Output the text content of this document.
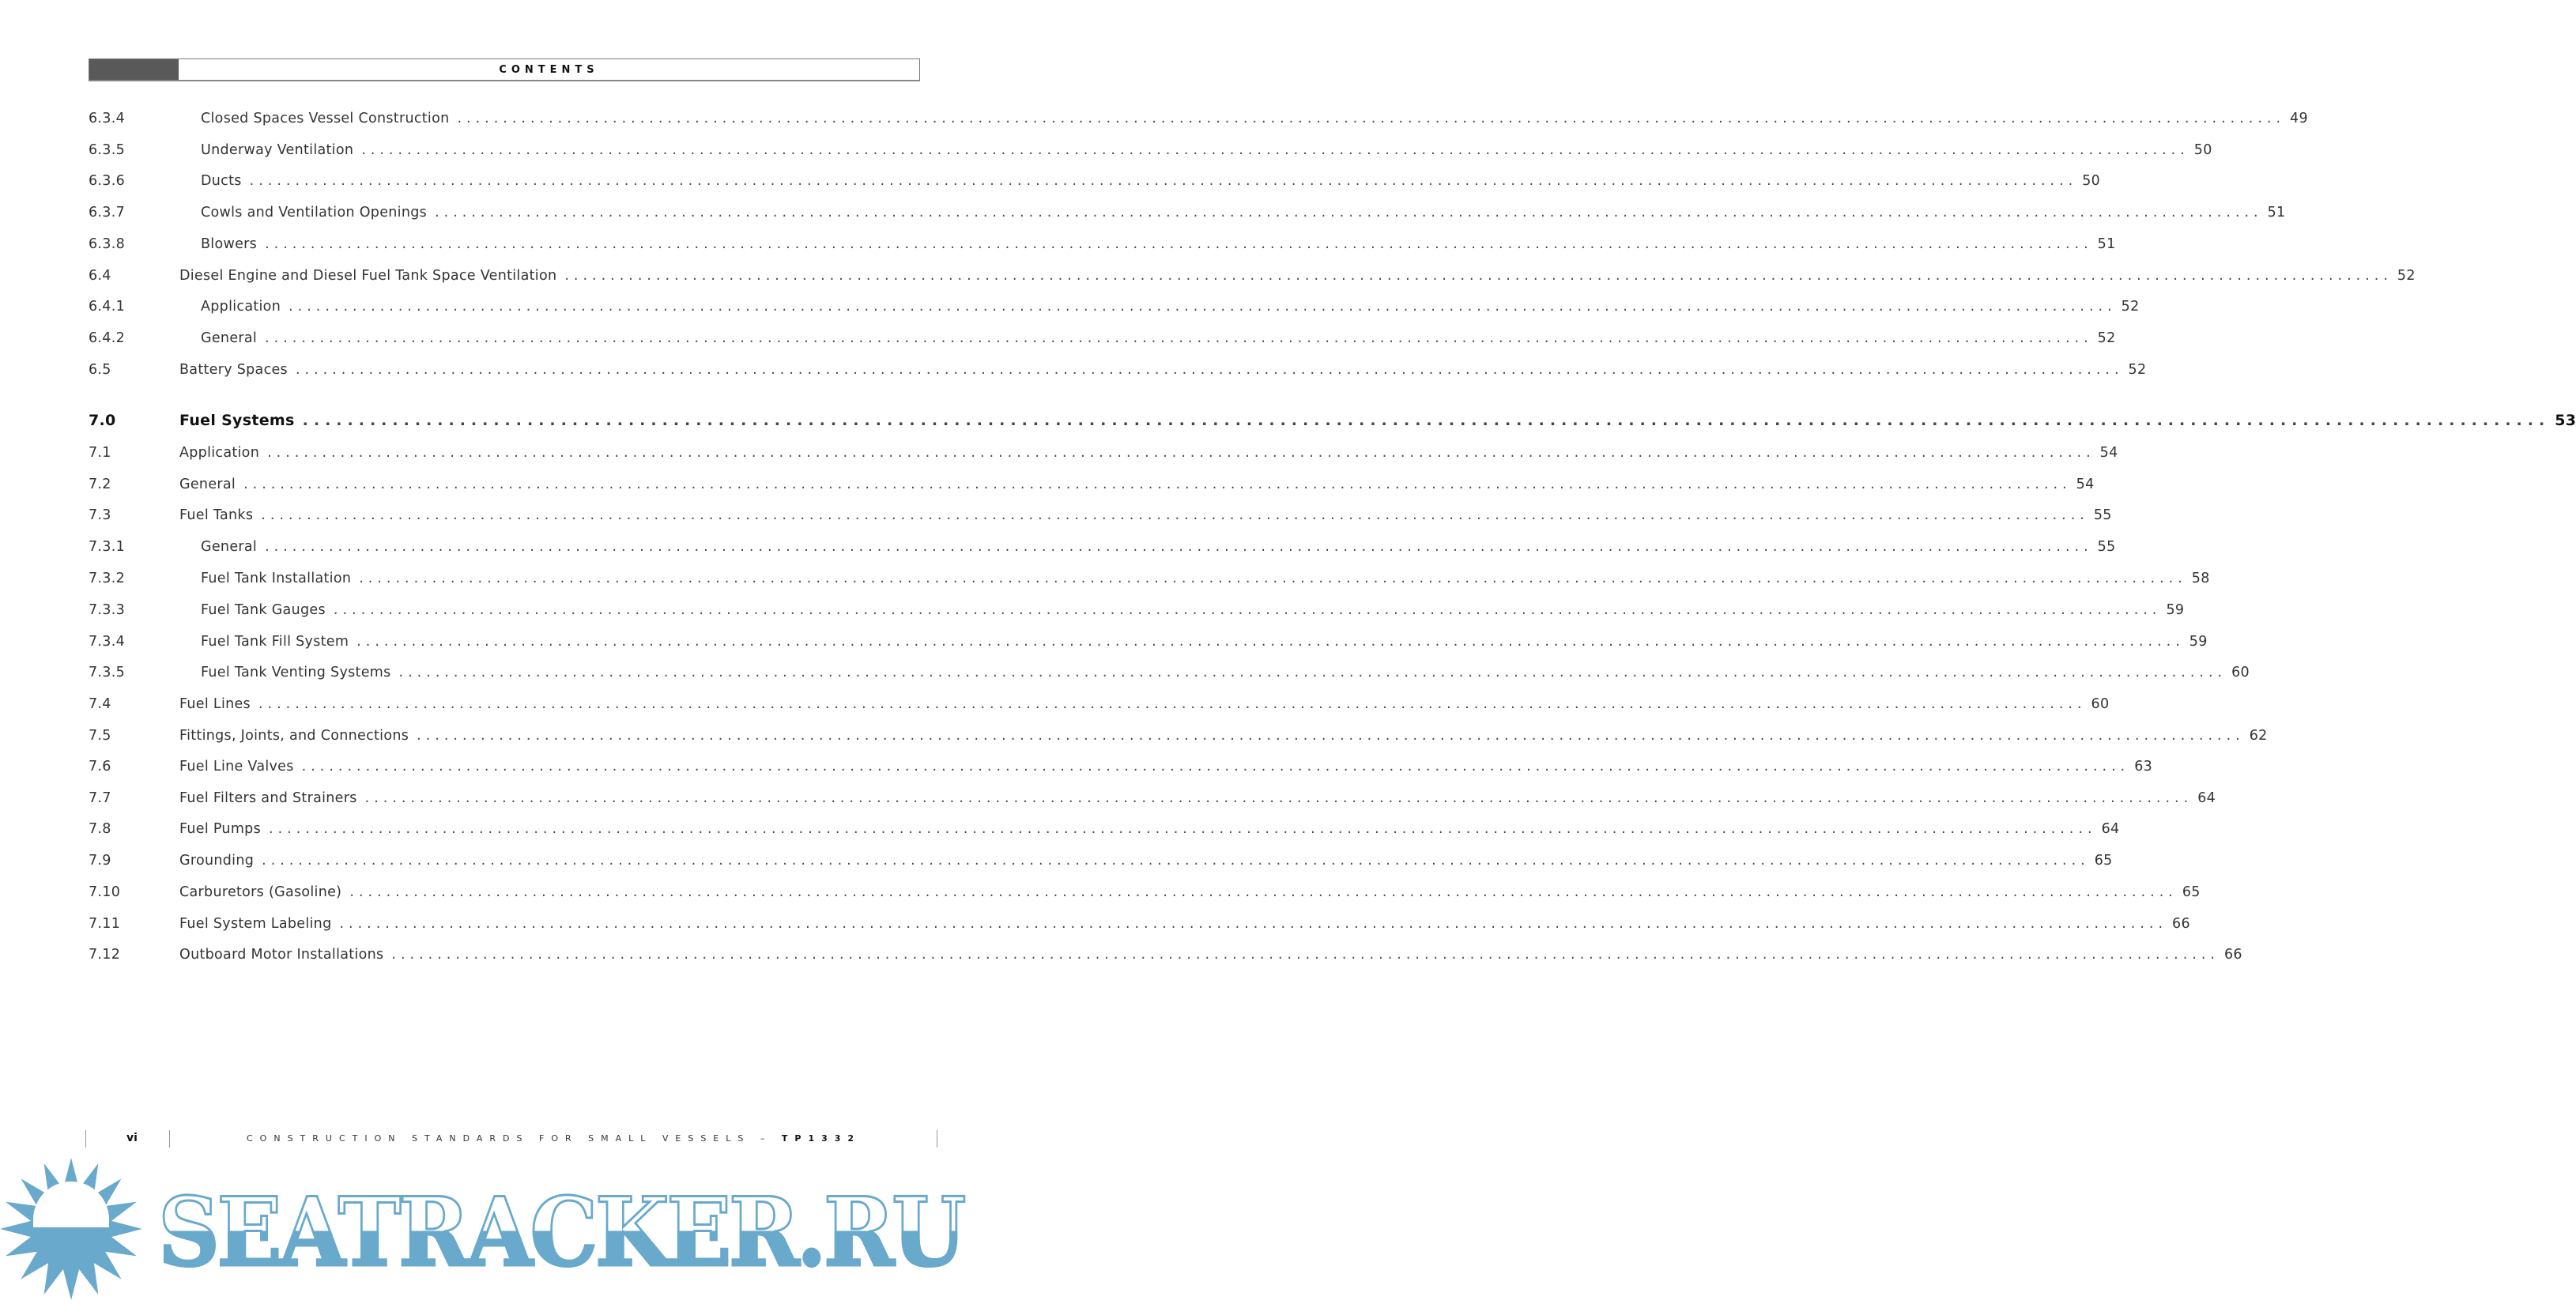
CONTENTS
6.3.4	Closed Spaces Vessel Construction ........................................................................................................................................................................................................ 49
6.3.5	Underway Ventilation ........................................................................................................................................................................................................ 50
6.3.6	Ducts ........................................................................................................................................................................................................ 50
6.3.7	Cowls and Ventilation Openings ........................................................................................................................................................................................................ 51
6.3.8	Blowers ........................................................................................................................................................................................................ 51
6.4	Diesel Engine and Diesel Fuel Tank Space Ventilation ........................................................................................................................................................................................................ 52
6.4.1	Application ........................................................................................................................................................................................................ 52
6.4.2	General ........................................................................................................................................................................................................ 52
6.5	Battery Spaces ........................................................................................................................................................................................................ 52
7.0	Fuel Systems ........................................................................................................................................................................................................ 53
7.1	Application ........................................................................................................................................................................................................ 54
7.2	General ........................................................................................................................................................................................................ 54
7.3	Fuel Tanks ........................................................................................................................................................................................................ 55
7.3.1	General ........................................................................................................................................................................................................ 55
7.3.2	Fuel Tank Installation ........................................................................................................................................................................................................ 58
7.3.3	Fuel Tank Gauges ........................................................................................................................................................................................................ 59
7.3.4	Fuel Tank Fill System ........................................................................................................................................................................................................ 59
7.3.5	Fuel Tank Venting Systems ........................................................................................................................................................................................................ 60
7.4	Fuel Lines ........................................................................................................................................................................................................ 60
7.5	Fittings, Joints, and Connections ........................................................................................................................................................................................................ 62
7.6	Fuel Line Valves ........................................................................................................................................................................................................ 63
7.7	Fuel Filters and Strainers ........................................................................................................................................................................................................ 64
7.8	Fuel Pumps ........................................................................................................................................................................................................ 64
7.9	Grounding ........................................................................................................................................................................................................ 65
7.10	Carburetors (Gasoline) ........................................................................................................................................................................................................ 65
7.11	Fuel System Labeling ........................................................................................................................................................................................................ 66
7.12	Outboard Motor Installations ........................................................................................................................................................................................................ 66
vi	CONSTRUCTION STANDARDS FOR SMALL VESSELS – TP1332
SEATRACKER.RU
